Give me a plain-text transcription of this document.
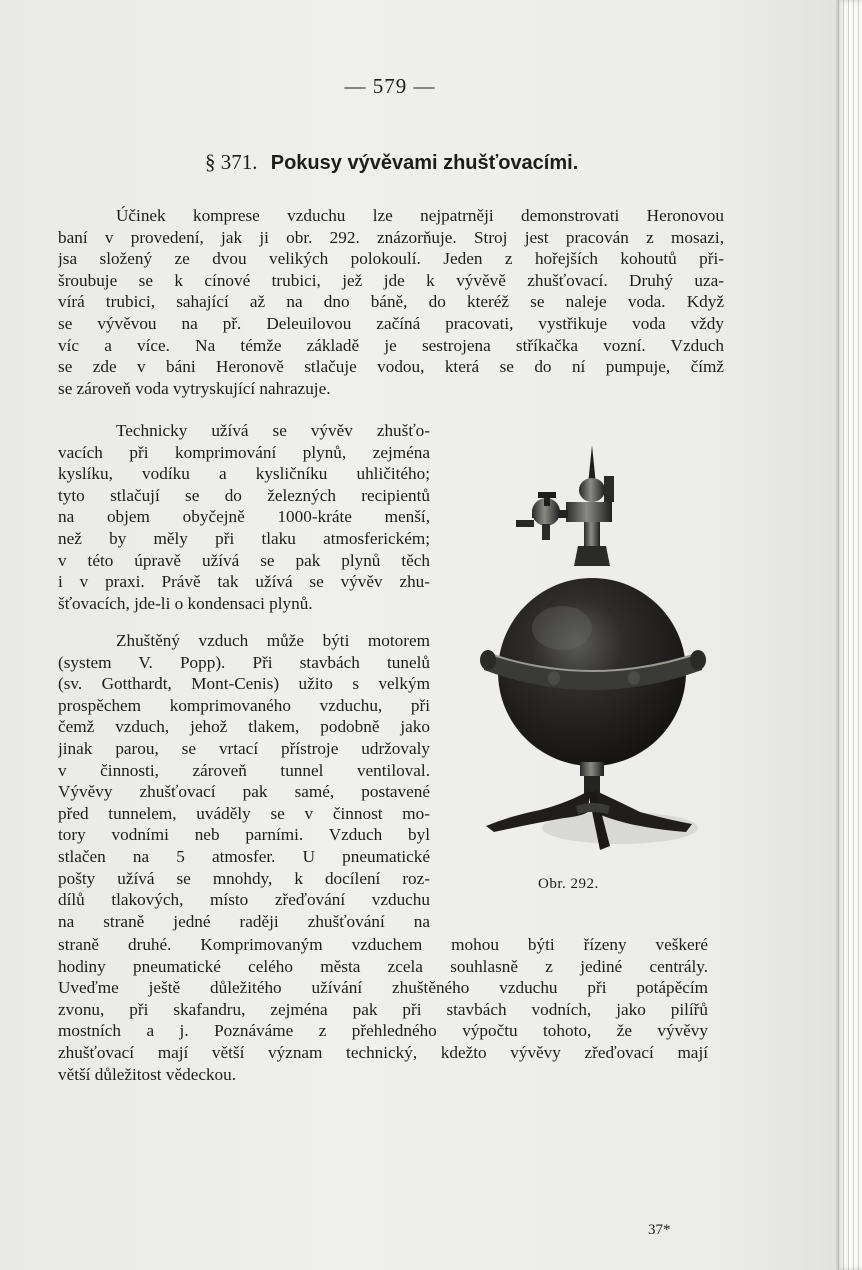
— 579 —
§ 371. Pokusy vývěvami zhušťovacími.
Účinek komprese vzduchu lze nejpatrněji demonstrovati Heronovou
baní v provedení, jak ji obr. 292. znázorňuje. Stroj jest pracován z mosazi,
jsa složený ze dvou velikých polokoulí. Jeden z hořejších kohoutů při-
šroubuje se k cínové trubici, jež jde k vývěvě zhušťovací. Druhý uza-
vírá trubici, sahající až na dno báně, do kteréž se naleje voda. Když
se vývěvou na př. Deleuilovou začíná pracovati, vystřikuje voda vždy
víc a více. Na témže základě je sestrojena stříkačka vozní. Vzduch
se zde v báni Heronově stlačuje vodou, která se do ní pumpuje, čímž
se zároveň voda vytryskující nahrazuje.
Technicky užívá se vývěv zhušťo-
vacích při komprimování plynů, zejména
kyslíku, vodíku a kysličníku uhličitého;
tyto stlačují se do železných recipientů
na objem obyčejně 1000-kráte menší,
než by měly při tlaku atmosferickém;
v této úpravě užívá se pak plynů těch
i v praxi. Právě tak užívá se vývěv zhu-
šťovacích, jde-li o kondensaci plynů.
Zhuštěný vzduch může býti motorem
(system V. Popp). Při stavbách tunelů
(sv. Gotthardt, Mont-Cenis) užito s velkým
prospěchem komprimovaného vzduchu, při
čemž vzduch, jehož tlakem, podobně jako
jinak parou, se vrtací přístroje udržovaly
v činnosti, zároveň tunnel ventiloval.
Vývěvy zhušťovací pak samé, postavené
před tunnelem, uváděly se v činnost mo-
tory vodními neb parními. Vzduch byl
stlačen na 5 atmosfer. U pneumatické
pošty užívá se mnohdy, k docílení roz-
dílů tlakových, místo zřeďování vzduchu
na straně jedné raději zhušťování na
straně druhé. Komprimovaným vzduchem mohou býti řízeny veškeré
hodiny pneumatické celého města zcela souhlasně z jediné centrály.
Uveďme ještě důležitého užívání zhuštěného vzduchu při potápěcím
zvonu, při skafandru, zejména pak při stavbách vodních, jako pilířů
mostních a j. Poznáváme z přehledného výpočtu tohoto, že vývěvy
zhušťovací mají větší význam technický, kdežto vývěvy zřeďovací mají
větší důležitost vědeckou.
Obr. 292.
37*
